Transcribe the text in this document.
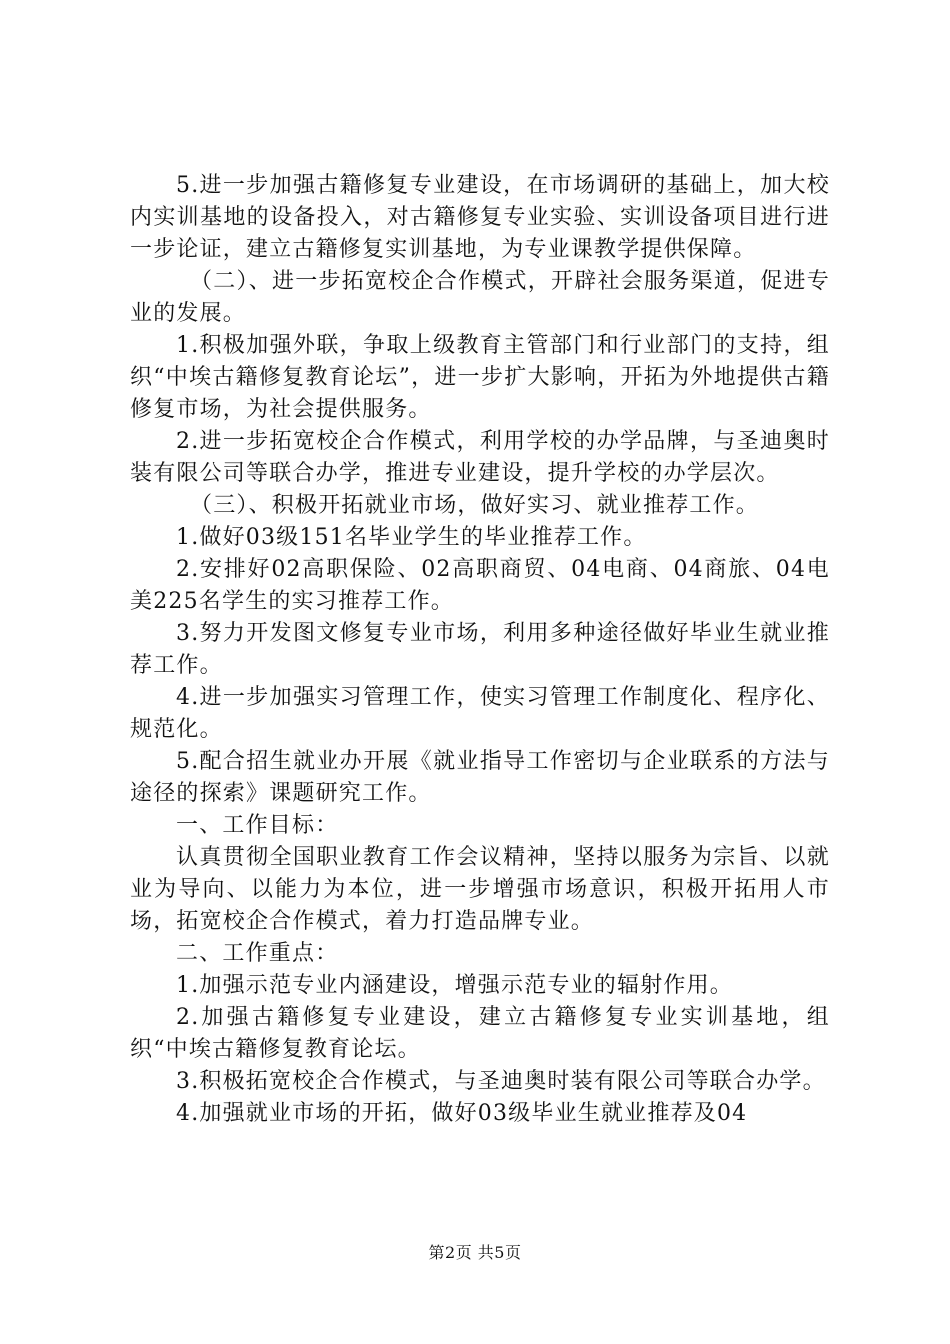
5.进一步加强古籍修复专业建设，在市场调研的基础上，加大校内实训基地的设备投入，对古籍修复专业实验、实训设备项目进行进一步论证，建立古籍修复实训基地，为专业课教学提供保障。

（二）、进一步拓宽校企合作模式，开辟社会服务渠道，促进专业的发展。

1.积极加强外联，争取上级教育主管部门和行业部门的支持，组织“中埃古籍修复教育论坛”，进一步扩大影响，开拓为外地提供古籍修复市场，为社会提供服务。

2.进一步拓宽校企合作模式，利用学校的办学品牌，与圣迪奥时装有限公司等联合办学，推进专业建设，提升学校的办学层次。

（三）、积极开拓就业市场，做好实习、就业推荐工作。

1.做好03级151名毕业学生的毕业推荐工作。

2.安排好02高职保险、02高职商贸、04电商、04商旅、04电美225名学生的实习推荐工作。

3.努力开发图文修复专业市场，利用多种途径做好毕业生就业推荐工作。

4.进一步加强实习管理工作，使实习管理工作制度化、程序化、规范化。

5.配合招生就业办开展《就业指导工作密切与企业联系的方法与途径的探索》课题研究工作。

一、工作目标：

认真贯彻全国职业教育工作会议精神，坚持以服务为宗旨、以就业为导向、以能力为本位，进一步增强市场意识，积极开拓用人市场，拓宽校企合作模式，着力打造品牌专业。

二、工作重点：

1.加强示范专业内涵建设，增强示范专业的辐射作用。

2.加强古籍修复专业建设，建立古籍修复专业实训基地，组织“中埃古籍修复教育论坛。

3.积极拓宽校企合作模式，与圣迪奥时装有限公司等联合办学。

4.加强就业市场的开拓，做好03级毕业生就业推荐及04

第2页 共5页
